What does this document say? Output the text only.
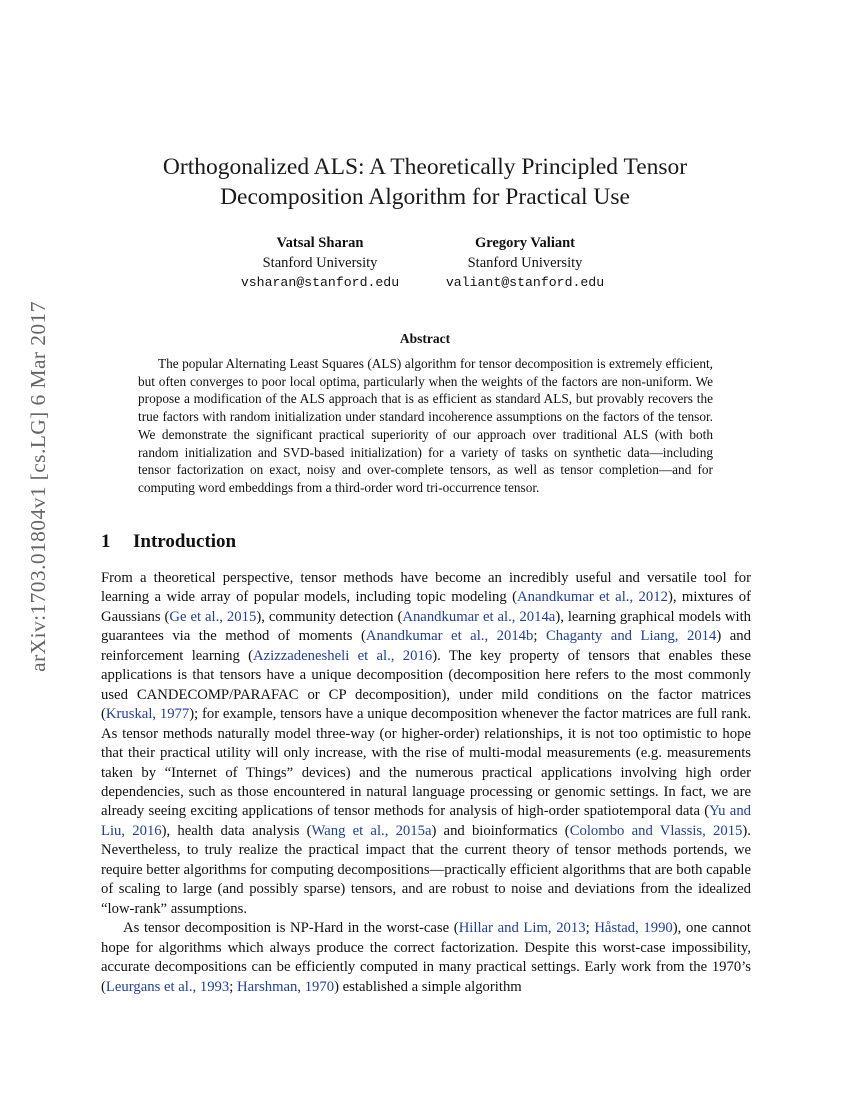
arXiv:1703.01804v1 [cs.LG] 6 Mar 2017
Orthogonalized ALS: A Theoretically Principled Tensor
Decomposition Algorithm for Practical Use
Vatsal Sharan
Stanford University
vsharan@stanford.edu
Gregory Valiant
Stanford University
valiant@stanford.edu
Abstract

The popular Alternating Least Squares (ALS) algorithm for tensor decomposition is extremely efficient, but often converges to poor local optima, particularly when the weights of the factors are non-uniform. We propose a modification of the ALS approach that is as efficient as standard ALS, but provably recovers the true factors with random initialization under standard incoherence assumptions on the factors of the tensor. We demonstrate the significant practical superiority of our approach over traditional ALS (with both random initialization and SVD-based initialization) for a variety of tasks on synthetic data—including tensor factorization on exact, noisy and over-complete tensors, as well as tensor completion—and for computing word embeddings from a third-order word tri-occurrence tensor.

1 Introduction

From a theoretical perspective, tensor methods have become an incredibly useful and versatile tool for learning a wide array of popular models, including topic modeling (Anandkumar et al., 2012), mixtures of Gaussians (Ge et al., 2015), community detection (Anandkumar et al., 2014a), learning graphical models with guarantees via the method of moments (Anandkumar et al., 2014b; Chaganty and Liang, 2014) and reinforcement learning (Azizzadenesheli et al., 2016). The key property of tensors that enables these applications is that tensors have a unique decomposition (decomposition here refers to the most commonly used CANDECOMP/PARAFAC or CP decomposition), under mild conditions on the factor matrices (Kruskal, 1977); for example, tensors have a unique decomposition whenever the factor matrices are full rank. As tensor methods naturally model three-way (or higher-order) relationships, it is not too optimistic to hope that their practical utility will only increase, with the rise of multi-modal measurements (e.g. measurements taken by “Internet of Things” devices) and the numerous practical applications involving high order dependencies, such as those encountered in natural language processing or genomic settings. In fact, we are already seeing exciting applications of tensor methods for analysis of high-order spatiotemporal data (Yu and Liu, 2016), health data analysis (Wang et al., 2015a) and bioinformatics (Colombo and Vlassis, 2015). Nevertheless, to truly realize the practical impact that the current theory of tensor methods portends, we require better algorithms for computing decompositions—practically efficient algorithms that are both capable of scaling to large (and possibly sparse) tensors, and are robust to noise and deviations from the idealized “low-rank” assumptions.

As tensor decomposition is NP-Hard in the worst-case (Hillar and Lim, 2013; Håstad, 1990), one cannot hope for algorithms which always produce the correct factorization. Despite this worst-case impossibility, accurate decompositions can be efficiently computed in many practical settings. Early work from the 1970’s (Leurgans et al., 1993; Harshman, 1970) established a simple algorithm
